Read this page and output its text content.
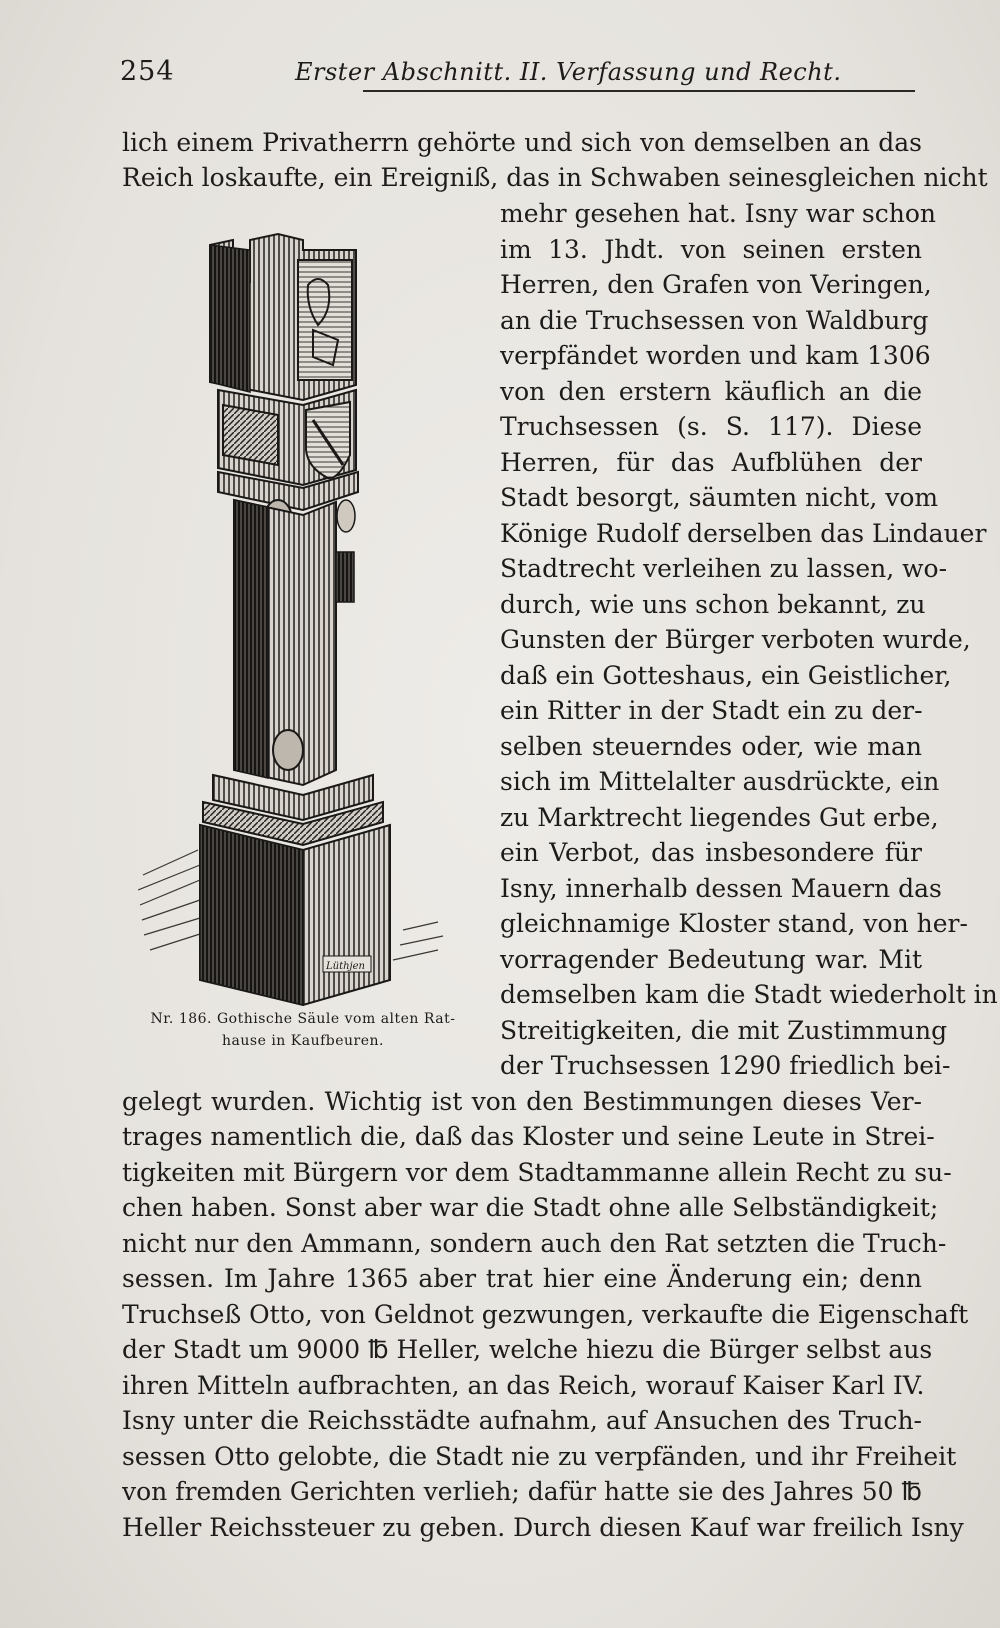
254	Erster Abschnitt. II. Verfassung und Recht.
lich einem Privatherrn gehörte und sich von demselben an das
Reich loskaufte, ein Ereigniß, das in Schwaben seinesgleichen nicht
mehr gesehen hat. Isny war schon
im 13. Jhdt. von seinen ersten
Herren, den Grafen von Veringen,
an die Truchsessen von Waldburg
verpfändet worden und kam 1306
von den erstern käuflich an die
Truchsessen (s. S. 117). Diese
Herren, für das Aufblühen der
Stadt besorgt, säumten nicht, vom
Könige Rudolf derselben das Lindauer
Stadtrecht verleihen zu lassen, wo-
durch, wie uns schon bekannt, zu
Gunsten der Bürger verboten wurde,
daß ein Gotteshaus, ein Geistlicher,
ein Ritter in der Stadt ein zu der-
selben steuerndes oder, wie man
sich im Mittelalter ausdrückte, ein
zu Marktrecht liegendes Gut erbe,
ein Verbot, das insbesondere für
Isny, innerhalb dessen Mauern das
gleichnamige Kloster stand, von her-
vorragender Bedeutung war. Mit
demselben kam die Stadt wiederholt in
Streitigkeiten, die mit Zustimmung
der Truchsessen 1290 friedlich bei-
gelegt wurden. Wichtig ist von den Bestimmungen dieses Ver-
trages namentlich die, daß das Kloster und seine Leute in Strei-
tigkeiten mit Bürgern vor dem Stadtammanne allein Recht zu su-
chen haben. Sonst aber war die Stadt ohne alle Selbständigkeit;
nicht nur den Ammann, sondern auch den Rat setzten die Truch-
sessen. Im Jahre 1365 aber trat hier eine Änderung ein; denn
Truchseß Otto, von Geldnot gezwungen, verkaufte die Eigenschaft
der Stadt um 9000 ℔ Heller, welche hiezu die Bürger selbst aus
ihren Mitteln aufbrachten, an das Reich, worauf Kaiser Karl IV.
Isny unter die Reichsstädte aufnahm, auf Ansuchen des Truch-
sessen Otto gelobte, die Stadt nie zu verpfänden, und ihr Freiheit
von fremden Gerichten verlieh; dafür hatte sie des Jahres 50 ℔
Heller Reichssteuer zu geben. Durch diesen Kauf war freilich Isny
Lüthjen
Nr. 186. Gothische Säule vom alten Rat-
hause in Kaufbeuren.
